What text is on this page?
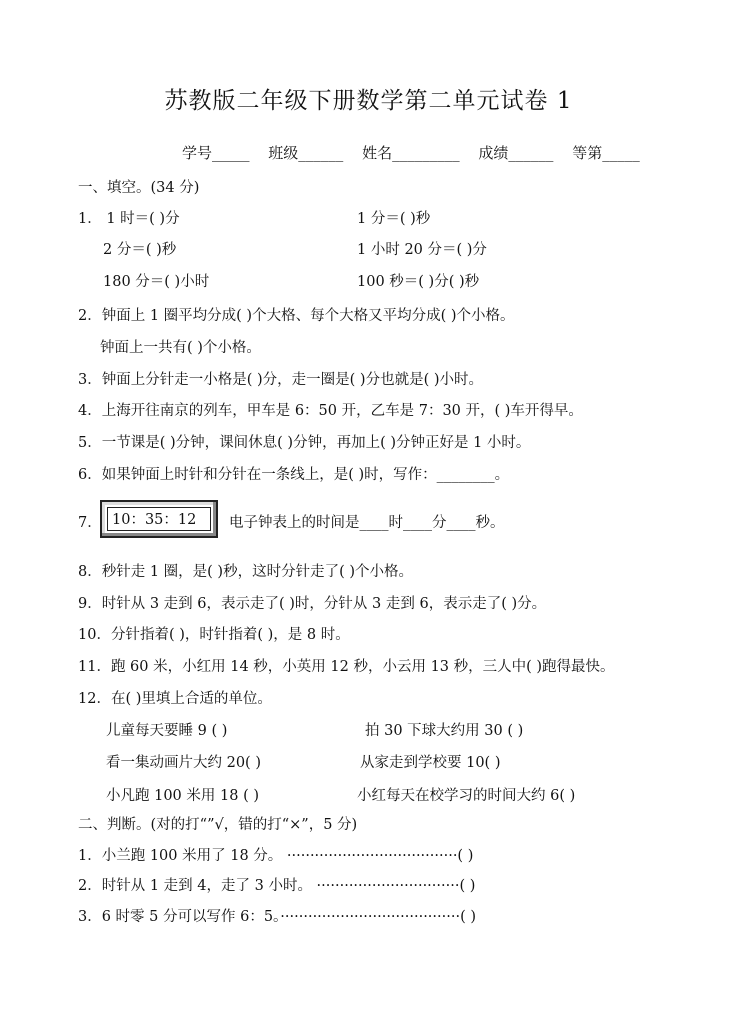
苏教版二年级下册数学第二单元试卷 1
学号_____ 班级______ 姓名_________ 成绩______ 等第_____
一、填空。(34 分)
1． 1 时＝( )分	1 分＝( )秒
2 分＝( )秒	1 小时 20 分＝( )分
180 分＝( )小时	100 秒＝( )分( )秒
2．钟面上 1 圈平均分成( )个大格、每个大格又平均分成( )个小格。
钟面上一共有( )个小格。
3．钟面上分针走一小格是( )分，走一圈是( )分也就是( )小时。
4．上海开往南京的列车，甲车是 6：50 开，乙车是 7：30 开，( )车开得早。
5．一节课是( )分钟，课间休息( )分钟，再加上( )分钟正好是 1 小时。
6．如果钟面上时针和分针在一条线上，是( )时，写作：________。
7． 10：35：12	电子钟表上的时间是____时____分____秒。
8．秒针走 1 圈，是( )秒，这时分针走了( )个小格。
9．时针从 3 走到 6，表示走了( )时，分针从 3 走到 6，表示走了( )分。
10．分针指着( )，时针指着( )，是 8 时。
11．跑 60 米，小红用 14 秒，小英用 12 秒，小云用 13 秒，三人中( )跑得最快。
12．在( )里填上合适的单位。
儿童每天要睡 9 ( )	拍 30 下球大约用 30 ( )
看一集动画片大约 20( )	从家走到学校要 10( )
小凡跑 100 米用 18 ( )	小红每天在校学习的时间大约 6( )
二、判断。(对的打“”√，错的打“×”，5 分)
1．小兰跑 100 米用了 18 分。 ·····································( )
2．时针从 1 走到 4，走了 3 小时。 ·······························( )
3．6 时零 5 分可以写作 6：5。·······································( )
